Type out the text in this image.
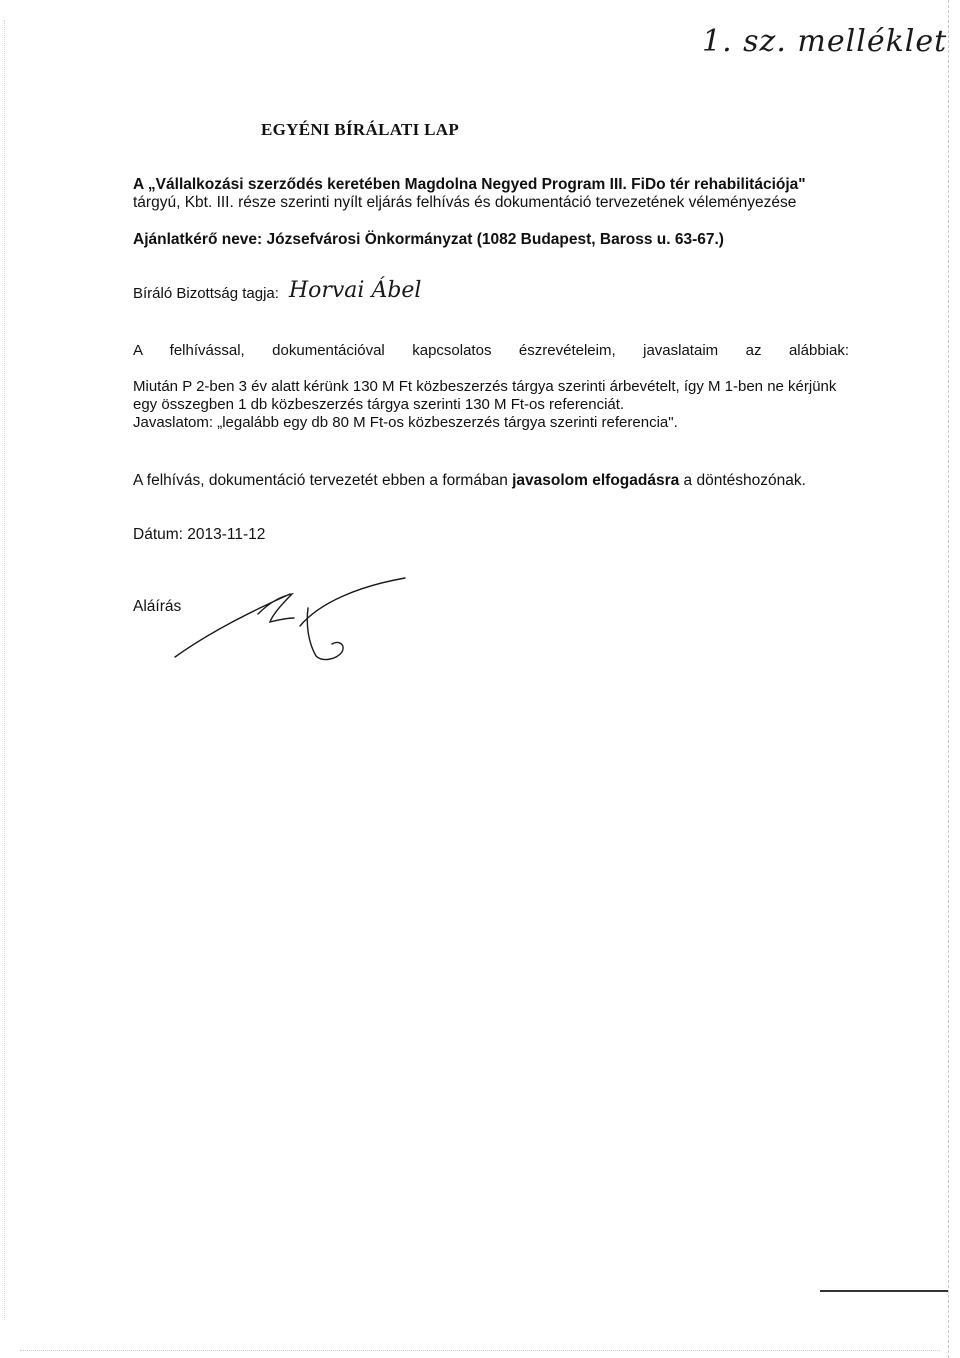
1. sz. melléklet
EGYÉNI BÍRÁLATI LAP
A „Vállalkozási szerződés keretében Magdolna Negyed Program III. FiDo tér rehabilitációja"
tárgyú, Kbt. III. része szerinti nyílt eljárás felhívás és dokumentáció tervezetének véleményezése
Ajánlatkérő neve: Józsefvárosi Önkormányzat (1082 Budapest, Baross u. 63-67.)
Bíráló Bizottság tagja: Horvai Ábel
A felhívással, dokumentációval kapcsolatos észrevételeim, javaslataim az alábbiak:
Miután P 2-ben 3 év alatt kérünk 130 M Ft közbeszerzés tárgya szerinti árbevételt, így M 1-ben ne kérjünk
egy összegben 1 db közbeszerzés tárgya szerinti 130 M Ft-os referenciát.
Javaslatom: „legalább egy db 80 M Ft-os közbeszerzés tárgya szerinti referencia".
A felhívás, dokumentáció tervezetét ebben a formában javasolom elfogadásra a döntéshozónak.
Dátum: 2013-11-12
Aláírás
